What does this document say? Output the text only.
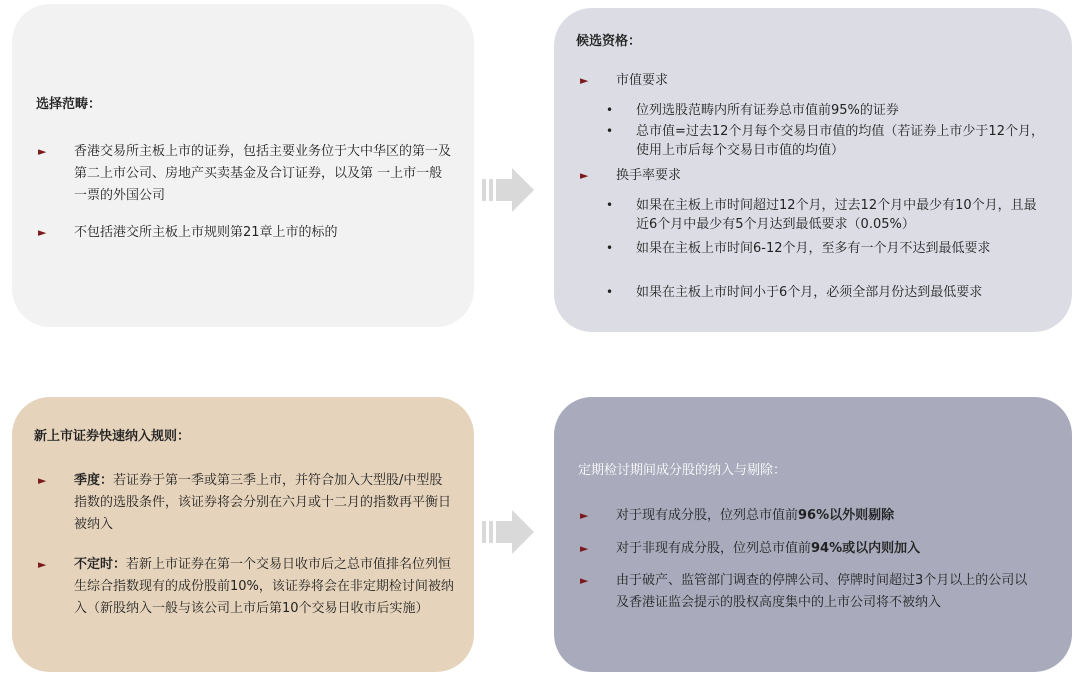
选择范畴：
► 香港交易所主板上市的证券，包括主要业务位于大中华区的第一及第二上市公司、房地产买卖基金及合订证券，以及第 一上市一般一票的外国公司
► 不包括港交所主板上市规则第21章上市的标的
候选资格：
► 市值要求
• 位列选股范畴内所有证券总市值前95%的证券
• 总市值=过去12个月每个交易日市值的均值（若证券上市少于12个月，使用上市后每个交易日市值的均值）
► 换手率要求
• 如果在主板上市时间超过12个月，过去12个月中最少有10个月，且最近6个月中最少有5个月达到最低要求（0.05%）
• 如果在主板上市时间6-12个月，至多有一个月不达到最低要求
• 如果在主板上市时间小于6个月，必须全部月份达到最低要求
新上市证券快速纳入规则：
► 季度：若证券于第一季或第三季上市，并符合加入大型股/中型股指数的选股条件，该证券将会分别在六月或十二月的指数再平衡日被纳入
► 不定时：若新上市证券在第一个交易日收市后之总市值排名位列恒生综合指数现有的成份股前10%，该证券将会在非定期检讨间被纳入（新股纳入一般与该公司上市后第10个交易日收市后实施）
定期检讨期间成分股的纳入与剔除：
► 对于现有成分股，位列总市值前96%以外则剔除
► 对于非现有成分股，位列总市值前94%或以内则加入
► 由于破产、监管部门调查的停牌公司、停牌时间超过3个月以上的公司以及香港证监会提示的股权高度集中的上市公司将不被纳入
